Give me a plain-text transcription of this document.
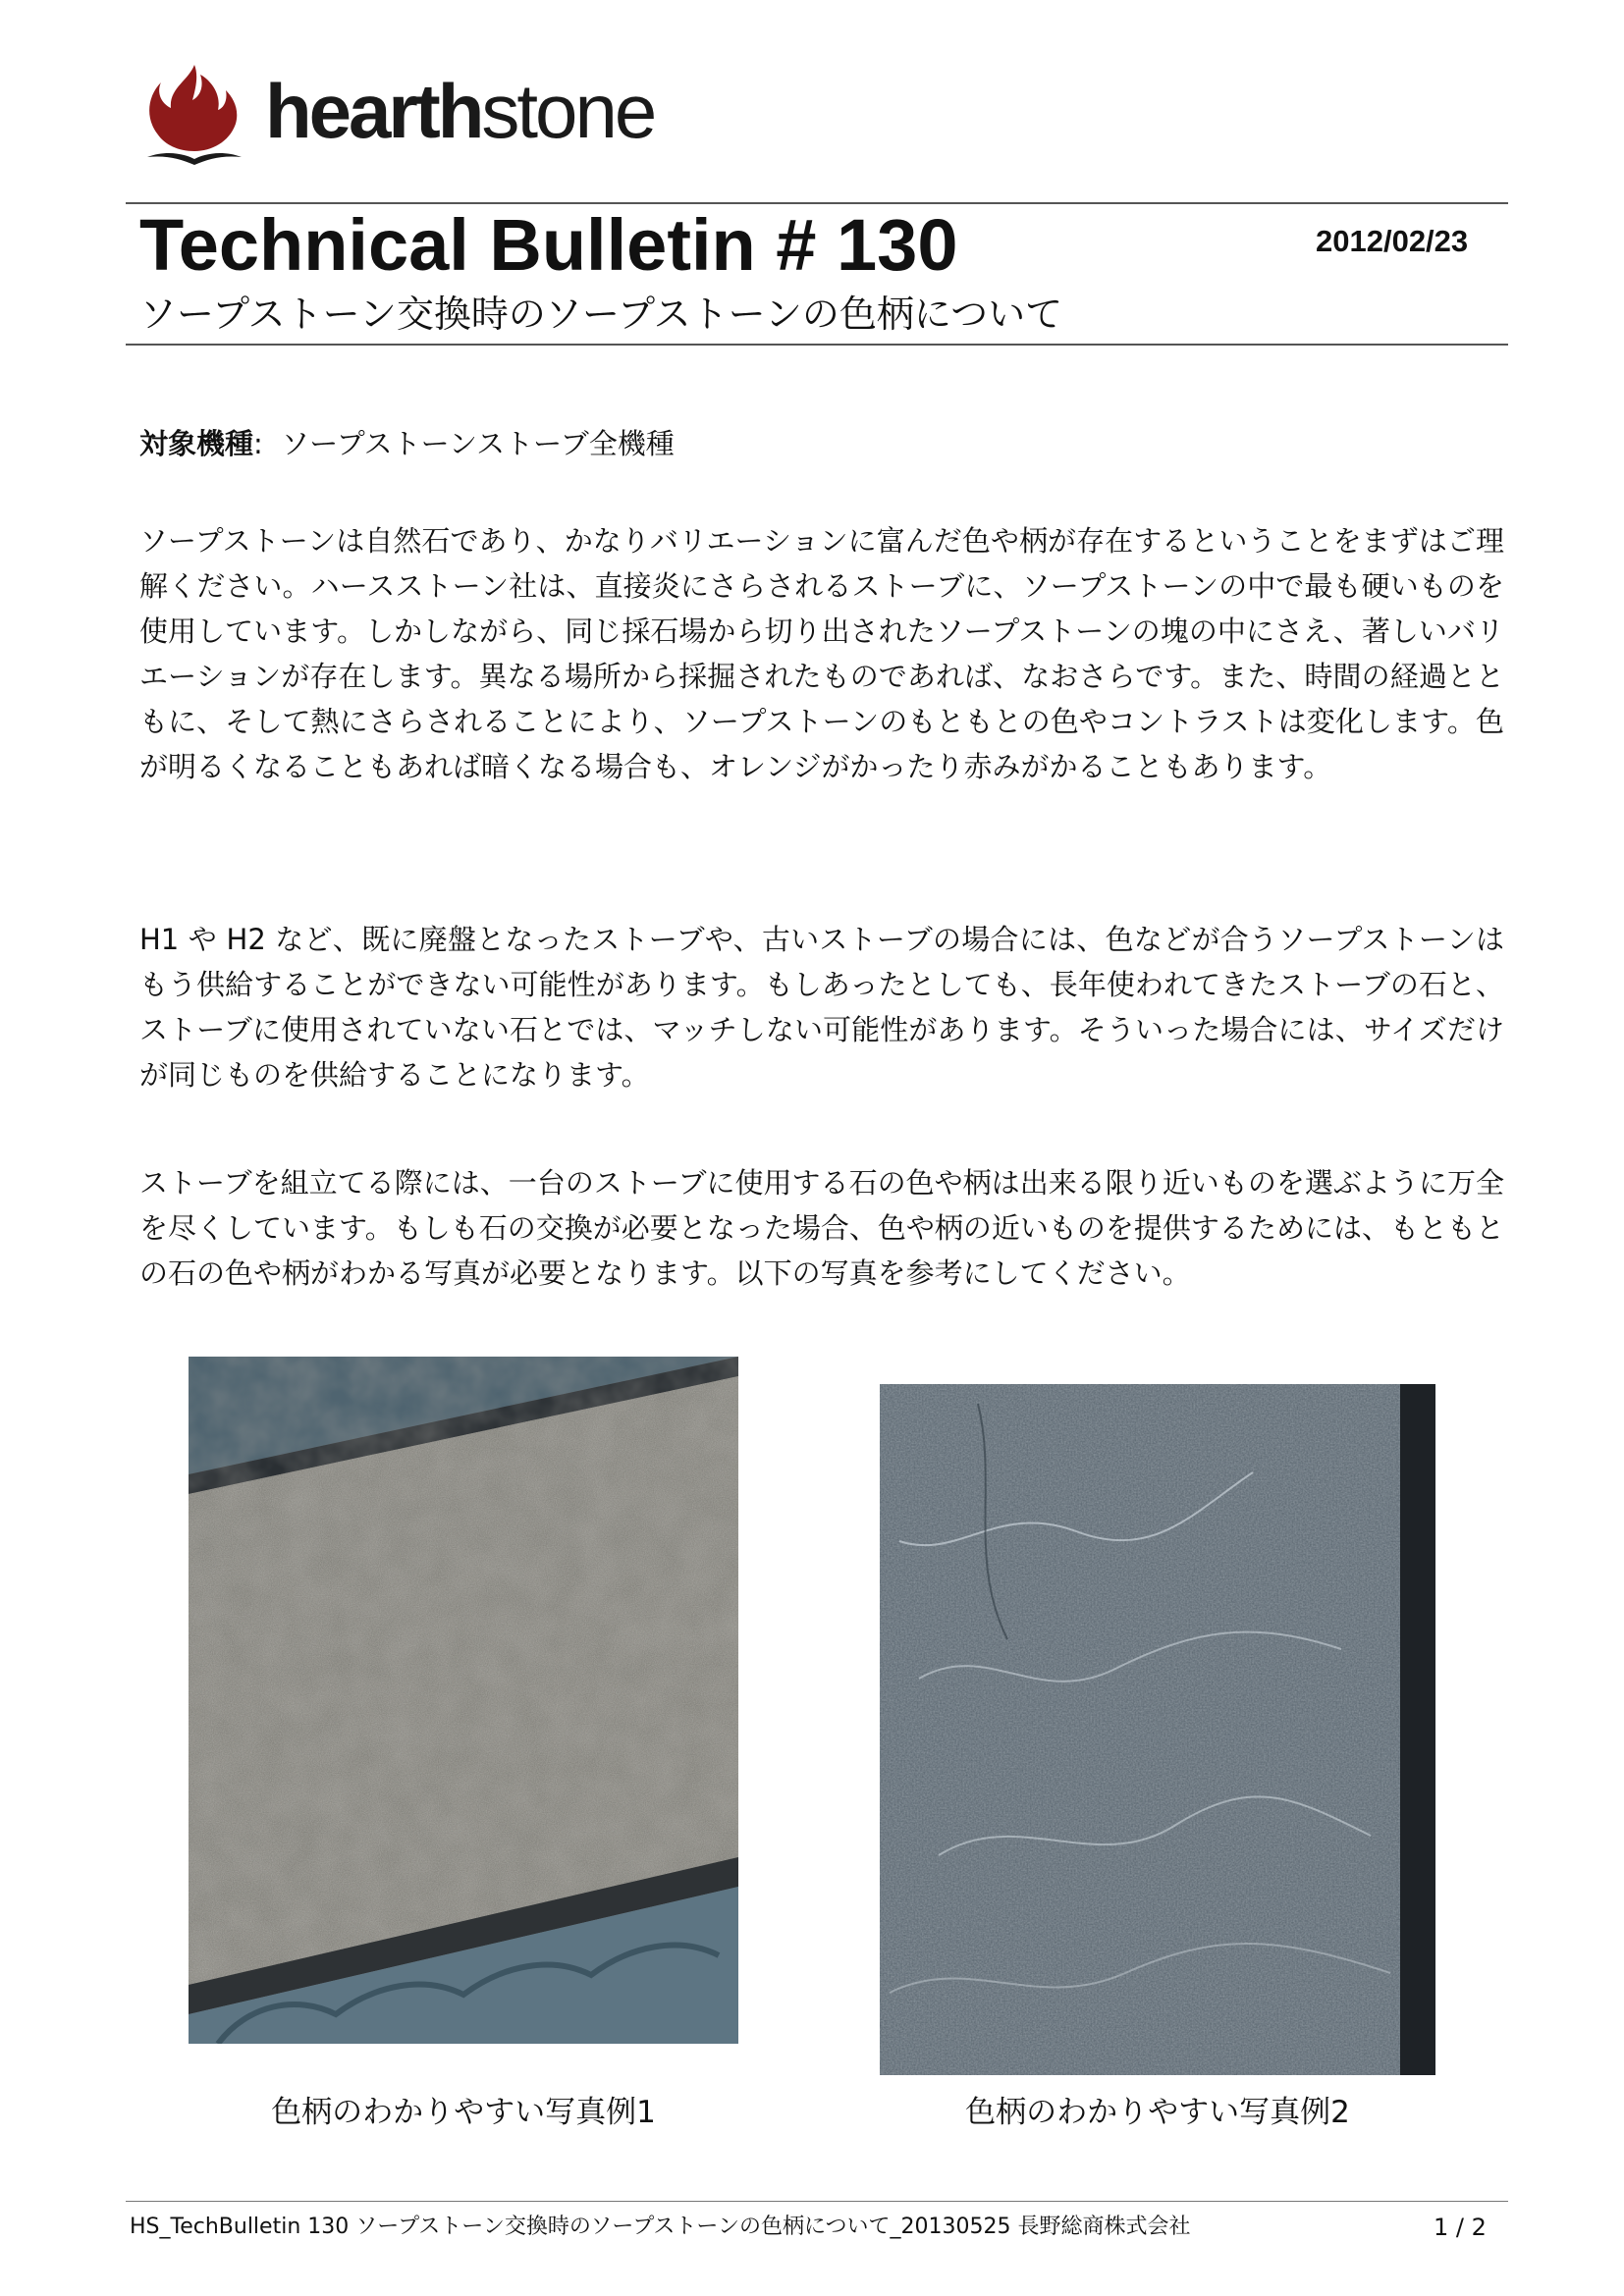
hearthstone
Technical Bulletin # 130	2012/02/23
ソープストーン交換時のソープストーンの色柄について
対象機種: ソープストーンストーブ全機種

ソープストーンは自然石であり、かなりバリエーションに富んだ色や柄が存在するということをまずはご理解ください。ハースストーン社は、直接炎にさらされるストーブに、ソープストーンの中で最も硬いものを使用しています。しかしながら、同じ採石場から切り出されたソープストーンの塊の中にさえ、著しいバリエーションが存在します。異なる場所から採掘されたものであれば、なおさらです。また、時間の経過とともに、そして熱にさらされることにより、ソープストーンのもともとの色やコントラストは変化します。色が明るくなることもあれば暗くなる場合も、オレンジがかったり赤みがかることもあります。

H1 や H2 など、既に廃盤となったストーブや、古いストーブの場合には、色などが合うソープストーンはもう供給することができない可能性があります。もしあったとしても、長年使われてきたストーブの石と、ストーブに使用されていない石とでは、マッチしない可能性があります。そういった場合には、サイズだけが同じものを供給することになります。

ストーブを組立てる際には、一台のストーブに使用する石の色や柄は出来る限り近いものを選ぶように万全を尽くしています。もしも石の交換が必要となった場合、色や柄の近いものを提供するためには、もともとの石の色や柄がわかる写真が必要となります。以下の写真を参考にしてください。

色柄のわかりやすい写真例1	色柄のわかりやすい写真例2
HS_TechBulletin 130 ソープストーン交換時のソープストーンの色柄について_20130525 長野総商株式会社	1 / 2
